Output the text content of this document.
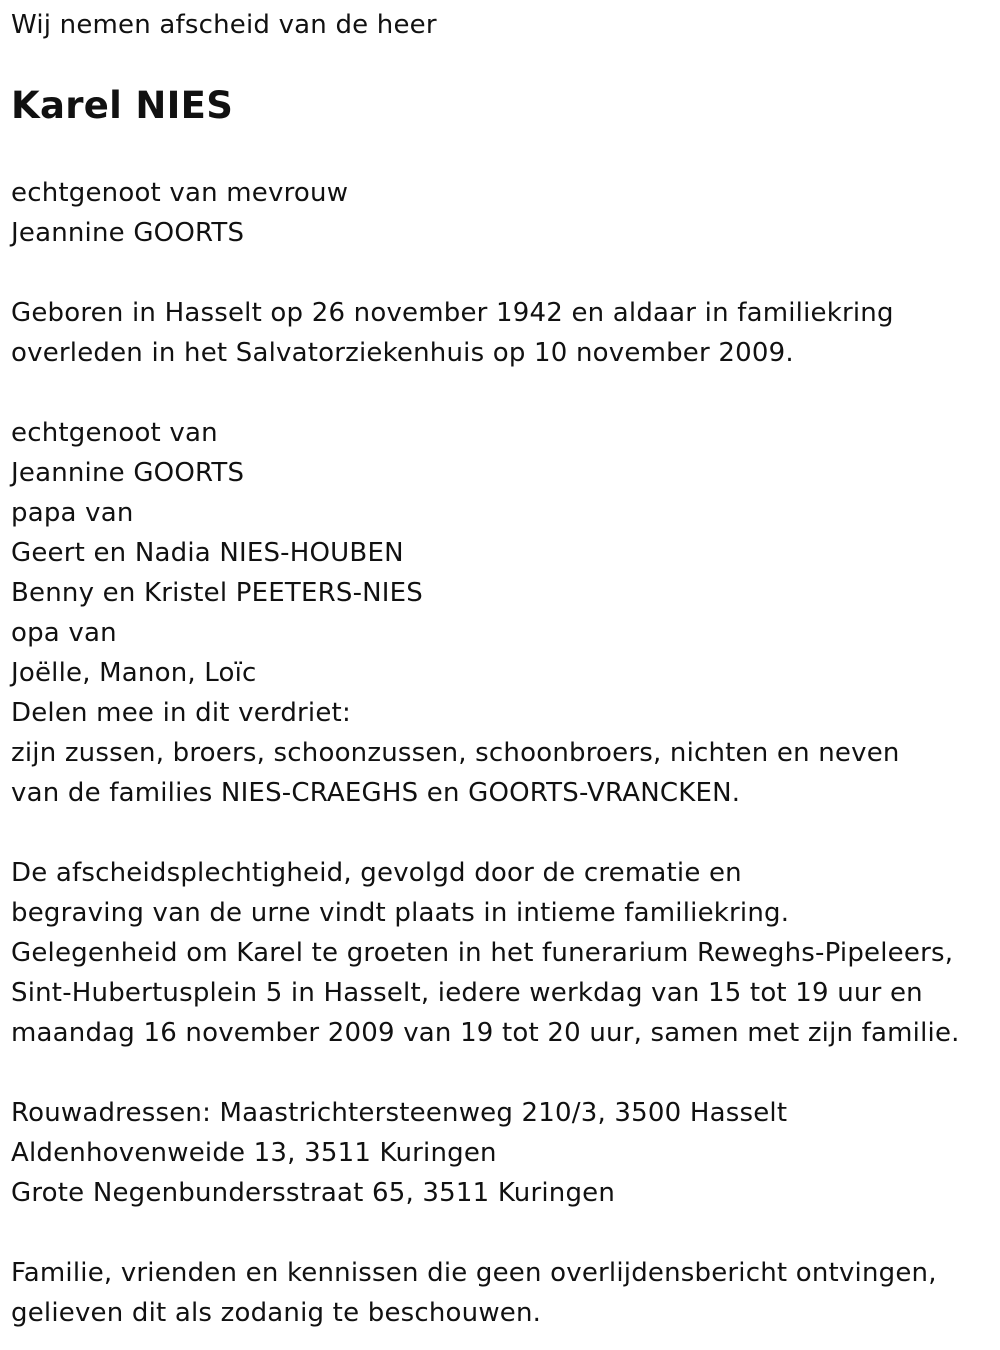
Wij nemen afscheid van de heer
Karel NIES
echtgenoot van mevrouw
Jeannine GOORTS
Geboren in Hasselt op 26 november 1942 en aldaar in familiekring
overleden in het Salvatorziekenhuis op 10 november 2009.
echtgenoot van
Jeannine GOORTS
papa van
Geert en Nadia NIES-HOUBEN
Benny en Kristel PEETERS-NIES
opa van
Joëlle, Manon, Loïc
Delen mee in dit verdriet:
zijn zussen, broers, schoonzussen, schoonbroers, nichten en neven
van de families NIES-CRAEGHS en GOORTS-VRANCKEN.
De afscheidsplechtigheid, gevolgd door de crematie en
begraving van de urne vindt plaats in intieme familiekring.
Gelegenheid om Karel te groeten in het funerarium Reweghs-Pipeleers,
Sint-Hubertusplein 5 in Hasselt, iedere werkdag van 15 tot 19 uur en
maandag 16 november 2009 van 19 tot 20 uur, samen met zijn familie.
Rouwadressen: Maastrichtersteenweg 210/3, 3500 Hasselt
Aldenhovenweide 13, 3511 Kuringen
Grote Negenbundersstraat 65, 3511 Kuringen
Familie, vrienden en kennissen die geen overlijdensbericht ontvingen,
gelieven dit als zodanig te beschouwen.
